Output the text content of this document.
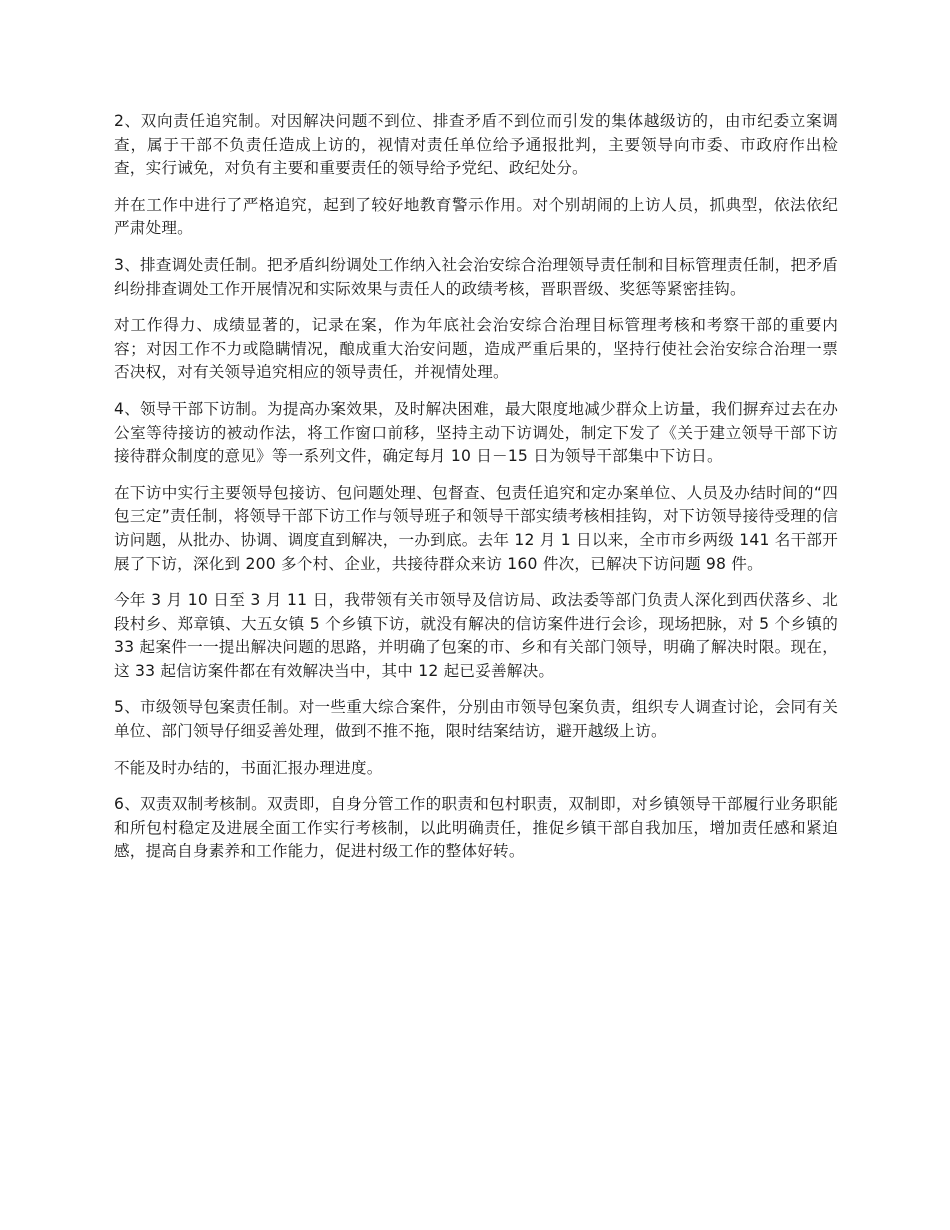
2、双向责任追究制。对因解决问题不到位、排查矛盾不到位而引发的集体越级访的，由市纪委立案调查，属于干部不负责任造成上访的，视情对责任单位给予通报批判，主要领导向市委、市政府作出检查，实行诫免，对负有主要和重要责任的领导给予党纪、政纪处分。

并在工作中进行了严格追究，起到了较好地教育警示作用。对个别胡闹的上访人员，抓典型，依法依纪严肃处理。

3、排查调处责任制。把矛盾纠纷调处工作纳入社会治安综合治理领导责任制和目标管理责任制，把矛盾纠纷排查调处工作开展情况和实际效果与责任人的政绩考核，晋职晋级、奖惩等紧密挂钩。

对工作得力、成绩显著的，记录在案，作为年底社会治安综合治理目标管理考核和考察干部的重要内容；对因工作不力或隐瞒情况，酿成重大治安问题，造成严重后果的，坚持行使社会治安综合治理一票否决权，对有关领导追究相应的领导责任，并视情处理。

4、领导干部下访制。为提高办案效果，及时解决困难，最大限度地减少群众上访量，我们摒弃过去在办公室等待接访的被动作法，将工作窗口前移，坚持主动下访调处，制定下发了《关于建立领导干部下访接待群众制度的意见》等一系列文件，确定每月 10 日－15 日为领导干部集中下访日。

在下访中实行主要领导包接访、包问题处理、包督查、包责任追究和定办案单位、人员及办结时间的“四包三定”责任制，将领导干部下访工作与领导班子和领导干部实绩考核相挂钩，对下访领导接待受理的信访问题，从批办、协调、调度直到解决，一办到底。去年 12 月 1 日以来，全市市乡两级 141 名干部开展了下访，深化到 200 多个村、企业，共接待群众来访 160 件次，已解决下访问题 98 件。

今年 3 月 10 日至 3 月 11 日，我带领有关市领导及信访局、政法委等部门负责人深化到西伏落乡、北段村乡、郑章镇、大五女镇 5 个乡镇下访，就没有解决的信访案件进行会诊，现场把脉，对 5 个乡镇的 33 起案件一一提出解决问题的思路，并明确了包案的市、乡和有关部门领导，明确了解决时限。现在，这 33 起信访案件都在有效解决当中，其中 12 起已妥善解决。

5、市级领导包案责任制。对一些重大综合案件，分别由市领导包案负责，组织专人调查讨论，会同有关单位、部门领导仔细妥善处理，做到不推不拖，限时结案结访，避开越级上访。

不能及时办结的，书面汇报办理进度。

6、双责双制考核制。双责即，自身分管工作的职责和包村职责，双制即，对乡镇领导干部履行业务职能和所包村稳定及进展全面工作实行考核制，以此明确责任，推促乡镇干部自我加压，增加责任感和紧迫感，提高自身素养和工作能力，促进村级工作的整体好转。
